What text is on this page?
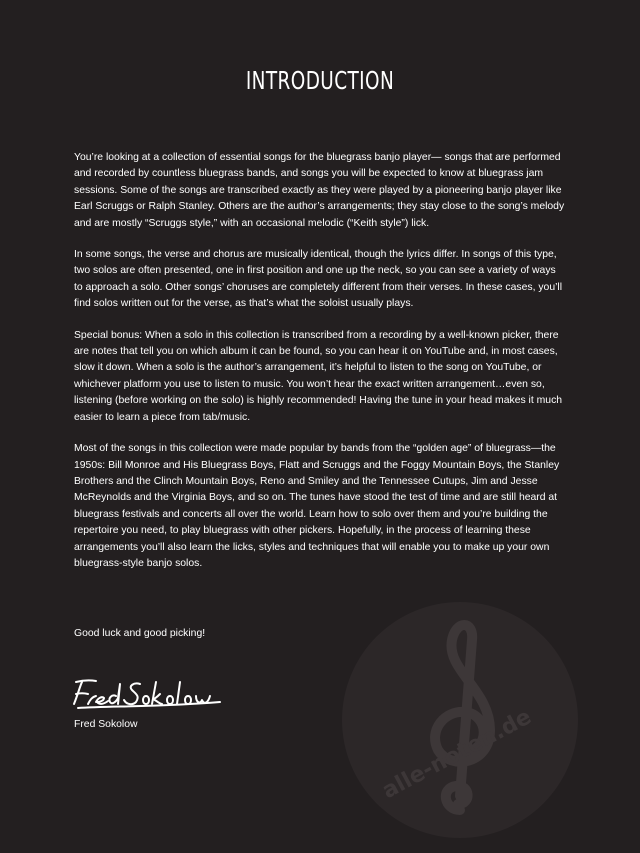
INTRODUCTION

You’re looking at a collection of essential songs for the bluegrass banjo player— songs that are performed and recorded by countless bluegrass bands, and songs you will be expected to know at bluegrass jam sessions. Some of the songs are transcribed exactly as they were played by a pioneering banjo player like Earl Scruggs or Ralph Stanley. Others are the author’s arrangements; they stay close to the song’s melody and are mostly “Scruggs style,” with an occasional melodic (“Keith style”) lick.

In some songs, the verse and chorus are musically identical, though the lyrics differ. In songs of this type, two solos are often presented, one in first position and one up the neck, so you can see a variety of ways to approach a solo. Other songs’ choruses are completely different from their verses. In these cases, you’ll find solos written out for the verse, as that’s what the soloist usually plays.

Special bonus: When a solo in this collection is transcribed from a recording by a well-known picker, there are notes that tell you on which album it can be found, so you can hear it on YouTube and, in most cases, slow it down. When a solo is the author’s arrangement, it’s helpful to listen to the song on YouTube, or whichever platform you use to listen to music. You won’t hear the exact written arrangement…even so, listening (before working on the solo) is highly recommended! Having the tune in your head makes it much easier to learn a piece from tab/music.

Most of the songs in this collection were made popular by bands from the “golden age” of bluegrass—the 1950s: Bill Monroe and His Bluegrass Boys, Flatt and Scruggs and the Foggy Mountain Boys, the Stanley Brothers and the Clinch Mountain Boys, Reno and Smiley and the Tennessee Cutups, Jim and Jesse McReynolds and the Virginia Boys, and so on. The tunes have stood the test of time and are still heard at bluegrass festivals and concerts all over the world. Learn how to solo over them and you’re building the repertoire you need, to play bluegrass with other pickers. Hopefully, in the process of learning these arrangements you’ll also learn the licks, styles and techniques that will enable you to make up your own bluegrass-style banjo solos.

Good luck and good picking!
Fred Sokolow	alle-noten.de
